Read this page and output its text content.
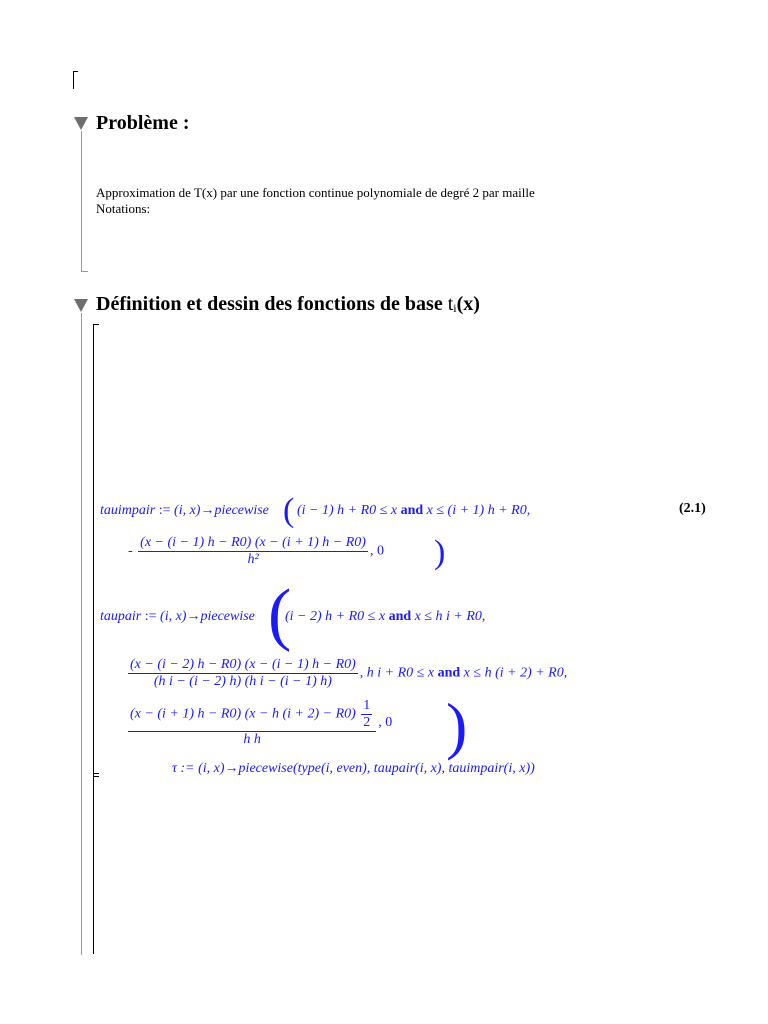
Problème :
Approximation de T(x) par une fonction continue polynomiale de degré 2 par maille
Notations:
Définition et dessin des fonctions de base ti(x)
(2.1)
tauimpair := (i, x)→piecewise ( (i − 1) h + R0 ≤ x and x ≤ (i + 1) h + R0,
- $\frac{(x - (i - 1) h - R0) (x - (i + 1) h - R0)}{\text{h²}}$ , 0 )
taupair := (i, x)→piecewise (
(i − 2) h + R0 ≤ x and x ≤ h i + R0,
$\frac{(x - (i - 2) h - R0) (x - (i - 1) h - R0)}{\text{(h i − (i − 2) h) (h i − (i − 1) h)}}$ , h i + R0 ≤ x and x ≤ h (i + 2) + R0,
(x − (i + 1) h − R0) (x − h $(i + 2) - R0) \frac{1}{2}$
h h
, 0 )
τ := (i, x)→piecewise(type(i, even), taupair(i, x), tauimpair(i, x))
